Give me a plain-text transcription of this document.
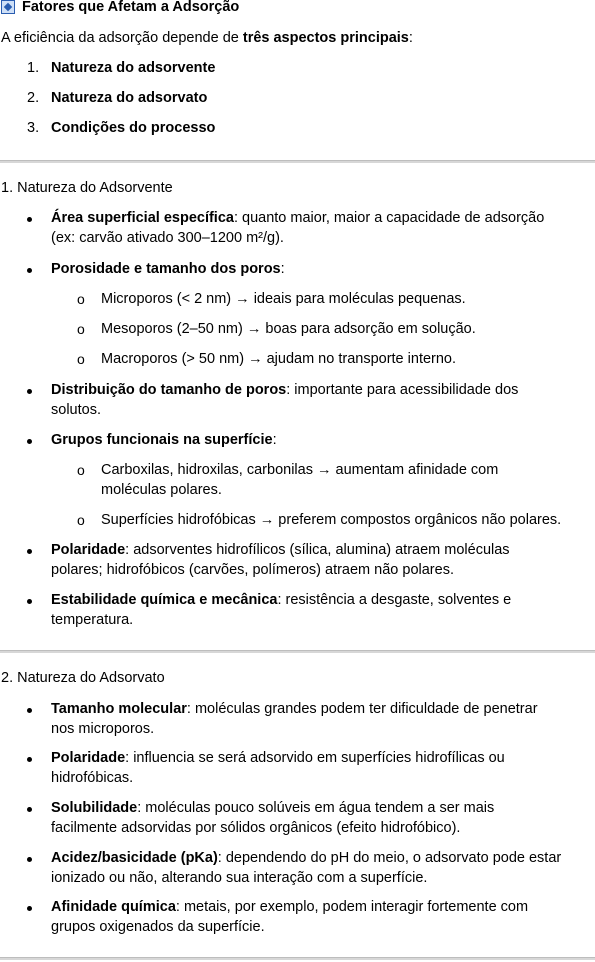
Fatores que Afetam a Adsorção
A eficiência da adsorção depende de três aspectos principais:
1. Natureza do adsorvente
2. Natureza do adsorvato
3. Condições do processo
1. Natureza do Adsorvente
Área superficial específica: quanto maior, maior a capacidade de adsorção
(ex: carvão ativado 300–1200 m²/g).
Porosidade e tamanho dos poros:
o Microporos (< 2 nm) → ideais para moléculas pequenas.
o Mesoporos (2–50 nm) → boas para adsorção em solução.
o Macroporos (> 50 nm) → ajudam no transporte interno.
Distribuição do tamanho de poros: importante para acessibilidade dos
solutos.
Grupos funcionais na superfície:
o Carboxilas, hidroxilas, carbonilas → aumentam afinidade com
moléculas polares.
o Superfícies hidrofóbicas → preferem compostos orgânicos não polares.
Polaridade: adsorventes hidrofílicos (sílica, alumina) atraem moléculas
polares; hidrofóbicos (carvões, polímeros) atraem não polares.
Estabilidade química e mecânica: resistência a desgaste, solventes e
temperatura.
2. Natureza do Adsorvato
Tamanho molecular: moléculas grandes podem ter dificuldade de penetrar
nos microporos.
Polaridade: influencia se será adsorvido em superfícies hidrofílicas ou
hidrofóbicas.
Solubilidade: moléculas pouco solúveis em água tendem a ser mais
facilmente adsorvidas por sólidos orgânicos (efeito hidrofóbico).
Acidez/basicidade (pKa): dependendo do pH do meio, o adsorvato pode estar
ionizado ou não, alterando sua interação com a superfície.
Afinidade química: metais, por exemplo, podem interagir fortemente com
grupos oxigenados da superfície.
